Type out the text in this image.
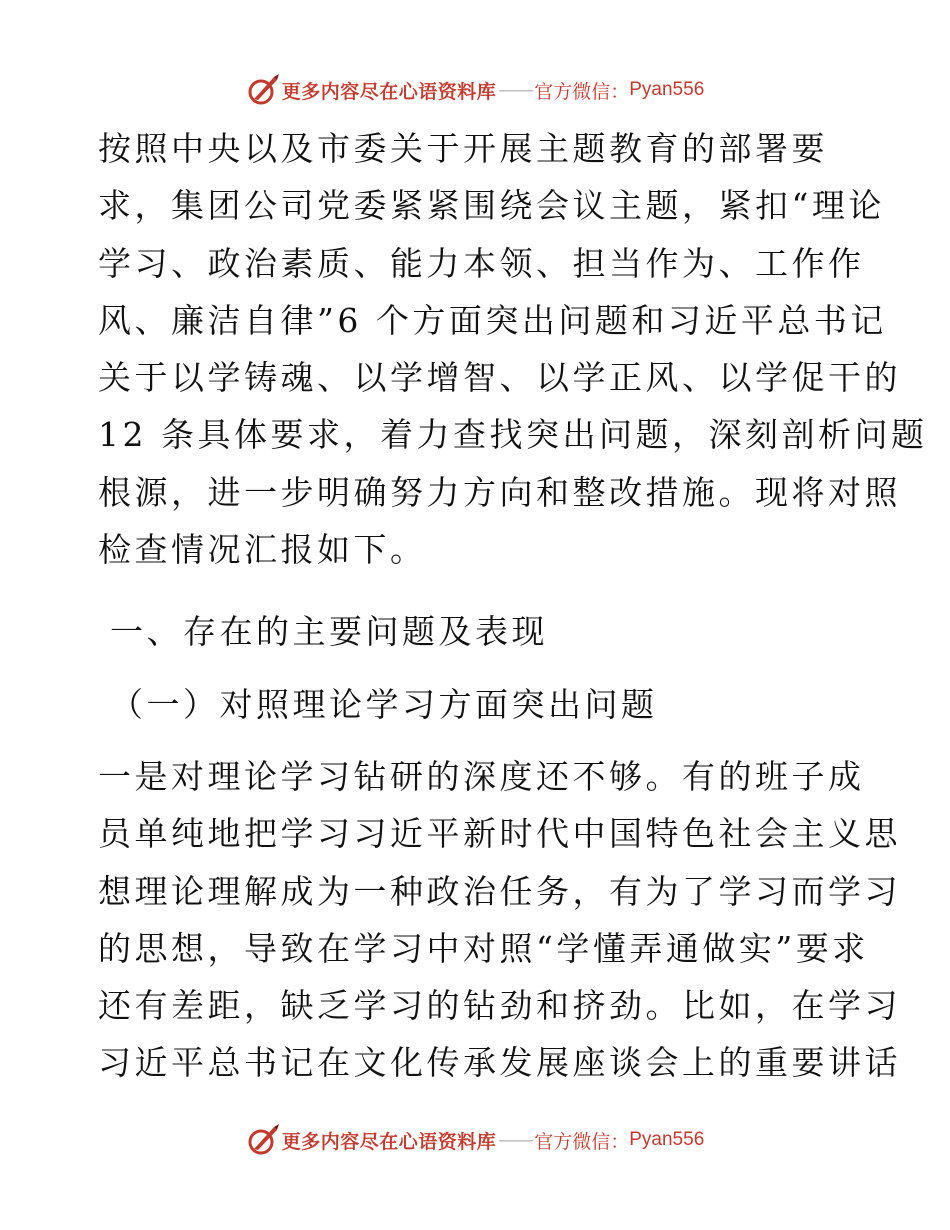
更多内容尽在心语资料库 —— 官方微信： Pyan556
按照中央以及市委关于开展主题教育的部署要
求，集团公司党委紧紧围绕会议主题，紧扣“理论
学习、政治素质、能力本领、担当作为、工作作
风、廉洁自律”6 个方面突出问题和习近平总书记
关于以学铸魂、以学增智、以学正风、以学促干的
12 条具体要求，着力查找突出问题，深刻剖析问题
根源，进一步明确努力方向和整改措施。现将对照
检查情况汇报如下。
一、存在的主要问题及表现
（一）对照理论学习方面突出问题
一是对理论学习钻研的深度还不够。有的班子成
员单纯地把学习习近平新时代中国特色社会主义思
想理论理解成为一种政治任务，有为了学习而学习
的思想，导致在学习中对照“学懂弄通做实”要求
还有差距，缺乏学习的钻劲和挤劲。比如，在学习
习近平总书记在文化传承发展座谈会上的重要讲话
更多内容尽在心语资料库 —— 官方微信： Pyan556
